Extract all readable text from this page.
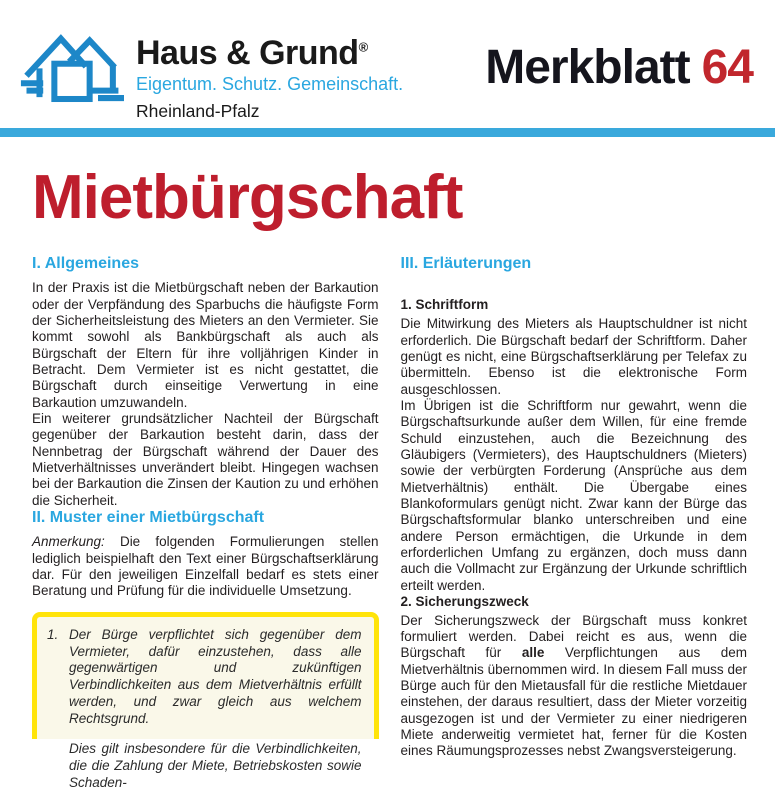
Haus & Grund®
Eigentum. Schutz. Gemeinschaft.
Rheinland-Pfalz
Merkblatt 64
Mietbürgschaft
I. Allgemeines

In der Praxis ist die Mietbürgschaft neben der Barkaution oder der Verpfändung des Sparbuchs die häufigste Form der Sicherheitsleistung des Mieters an den Vermieter. Sie kommt sowohl als Bankbürgschaft als auch als Bürgschaft der Eltern für ihre volljährigen Kinder in Betracht. Dem Vermieter ist es nicht gestattet, die Bürgschaft durch einseitige Verwertung in eine Barkaution umzuwandeln.

Ein weiterer grundsätzlicher Nachteil der Bürgschaft gegenüber der Barkaution besteht darin, dass der Nennbetrag der Bürgschaft während der Dauer des Mietverhältnisses unverändert bleibt. Hingegen wachsen bei der Barkaution die Zinsen der Kaution zu und erhöhen die Sicherheit.

II. Muster einer Mietbürgschaft

Anmerkung: Die folgenden Formulierungen stellen lediglich beispielhaft den Text einer Bürgschaftserklärung dar. Für den jeweiligen Einzelfall bedarf es stets einer Beratung und Prüfung für die individuelle Umsetzung.

1. Der Bürge verpflichtet sich gegenüber dem Vermieter, dafür einzustehen, dass alle gegenwärtigen und zukünftigen Verbindlichkeiten aus dem Mietverhältnis erfüllt werden, und zwar gleich aus welchem Rechtsgrund.

Dies gilt insbesondere für die Verbindlichkeiten, die die Zahlung der Miete, Betriebskosten sowie Schaden-

III. Erläuterungen
1. Schriftform

Die Mitwirkung des Mieters als Hauptschuldner ist nicht erforderlich. Die Bürgschaft bedarf der Schriftform. Daher genügt es nicht, eine Bürgschaftserklärung per Telefax zu übermitteln. Ebenso ist die elektronische Form ausgeschlossen.

Im Übrigen ist die Schriftform nur gewahrt, wenn die Bürgschaftsurkunde außer dem Willen, für eine fremde Schuld einzustehen, auch die Bezeichnung des Gläubigers (Vermieters), des Hauptschuldners (Mieters) sowie der verbürgten Forderung (Ansprüche aus dem Mietverhältnis) enthält. Die Übergabe eines Blankoformulars genügt nicht. Zwar kann der Bürge das Bürgschaftsformular blanko unterschreiben und eine andere Person ermächtigen, die Urkunde in dem erforderlichen Umfang zu ergänzen, doch muss dann auch die Vollmacht zur Ergänzung der Urkunde schriftlich erteilt werden.

2. Sicherungszweck

Der Sicherungszweck der Bürgschaft muss konkret formuliert werden. Dabei reicht es aus, wenn die Bürgschaft für alle Verpflichtungen aus dem Mietverhältnis übernommen wird. In diesem Fall muss der Bürge auch für den Mietausfall für die restliche Mietdauer einstehen, der daraus resultiert, dass der Mieter vorzeitig ausgezogen ist und der Vermieter zu einer niedrigeren Miete anderweitig vermietet hat, ferner für die Kosten eines Räumungsprozesses nebst Zwangsversteigerung.
